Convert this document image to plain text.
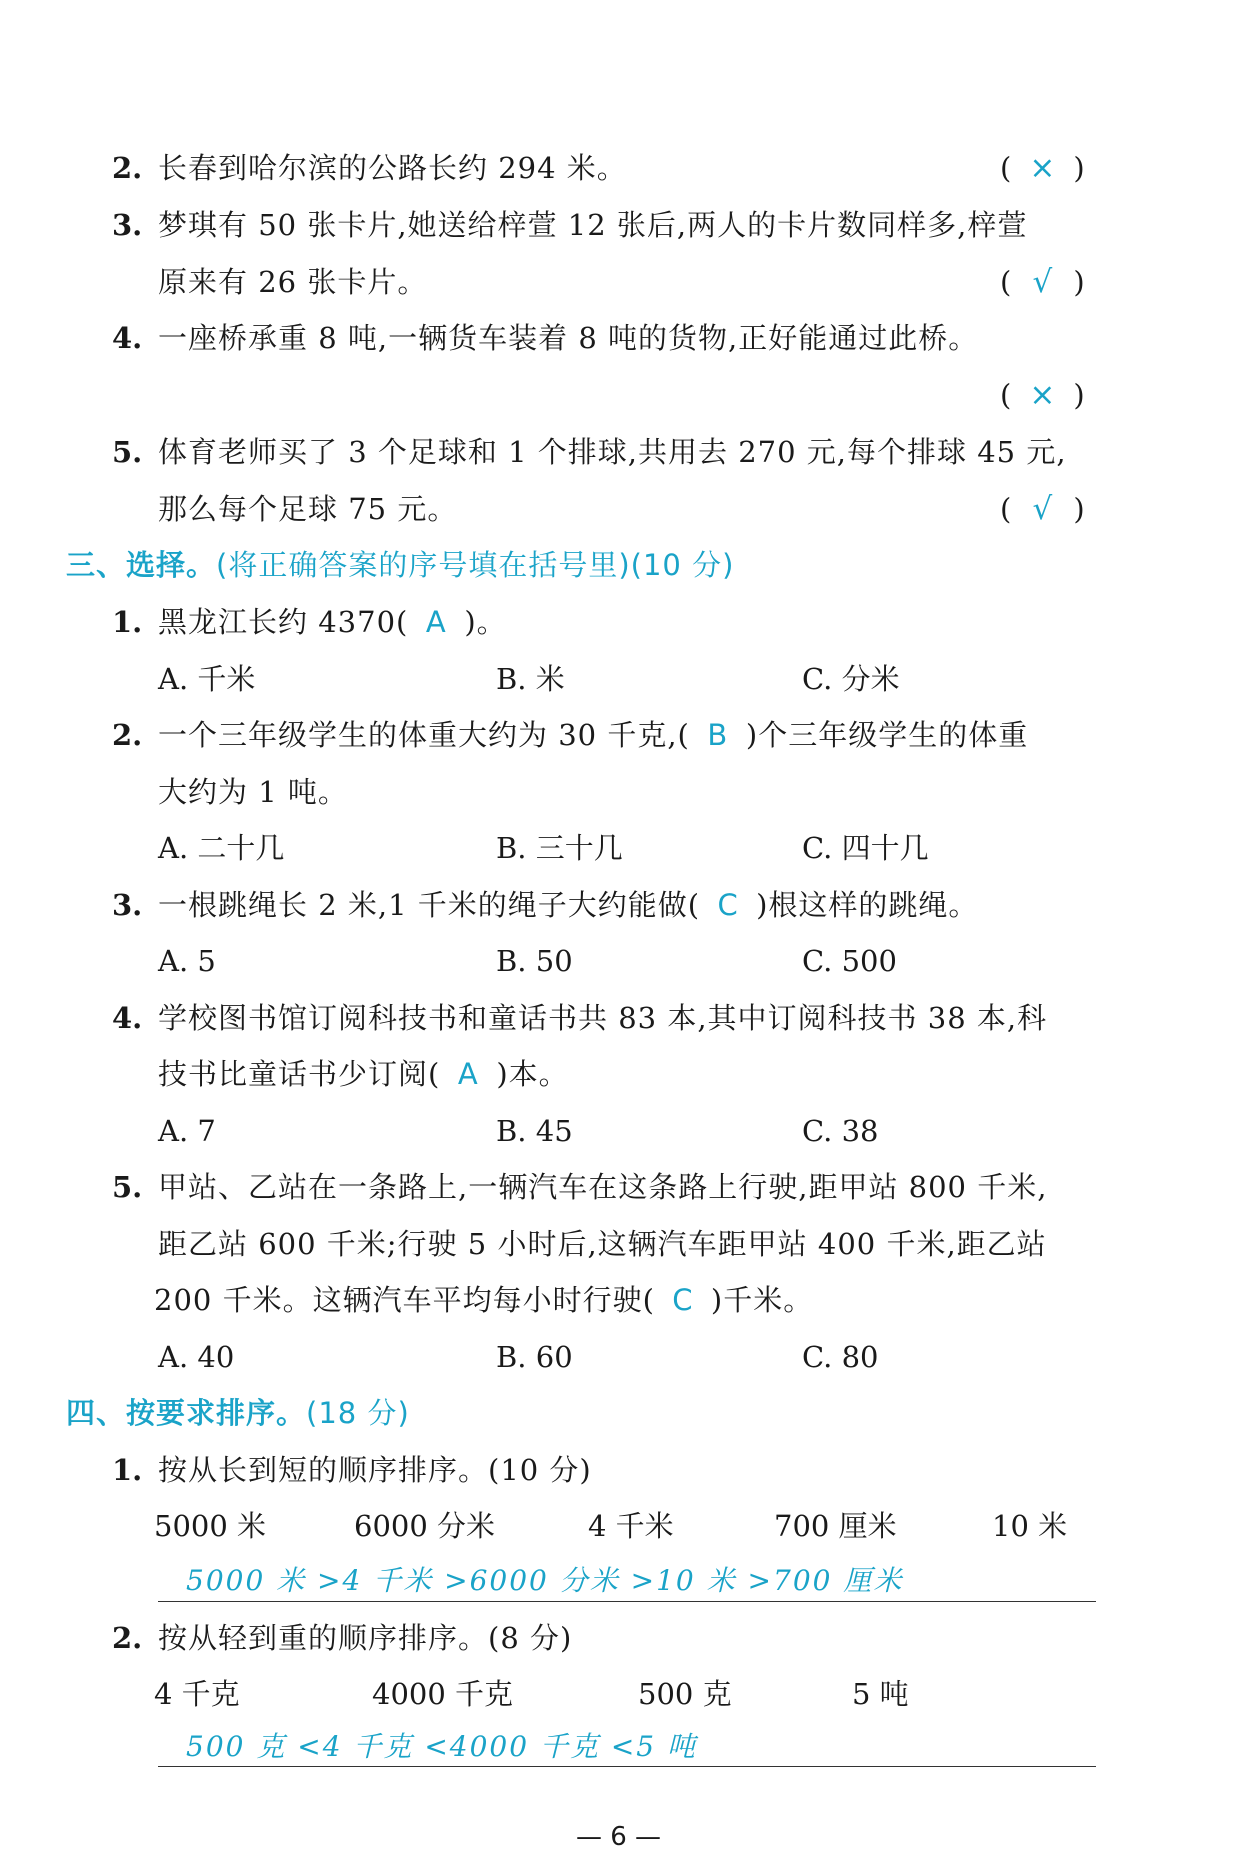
2. 长春到哈尔滨的公路长约 294 米。	( × )
3. 梦琪有 50 张卡片,她送给梓萱 12 张后,两人的卡片数同样多,梓萱
原来有 26 张卡片。	( √ )
4. 一座桥承重 8 吨,一辆货车装着 8 吨的货物,正好能通过此桥。
( × )
5. 体育老师买了 3 个足球和 1 个排球,共用去 270 元,每个排球 45 元,
那么每个足球 75 元。	( √ )
三、选择。(将正确答案的序号填在括号里)(10 分)
1. 黑龙江长约 4370( A )。
A. 千米	B. 米	C. 分米
2. 一个三年级学生的体重大约为 30 千克,( B )个三年级学生的体重
大约为 1 吨。
A. 二十几	B. 三十几	C. 四十几
3. 一根跳绳长 2 米,1 千米的绳子大约能做( C )根这样的跳绳。
A. 5	B. 50	C. 500
4. 学校图书馆订阅科技书和童话书共 83 本,其中订阅科技书 38 本,科
技书比童话书少订阅( A )本。
A. 7	B. 45	C. 38
5. 甲站、乙站在一条路上,一辆汽车在这条路上行驶,距甲站 800 千米,
距乙站 600 千米;行驶 5 小时后,这辆汽车距甲站 400 千米,距乙站
200 千米。这辆汽车平均每小时行驶( C )千米。
A. 40	B. 60	C. 80
四、按要求排序。(18 分)
1. 按从长到短的顺序排序。(10 分)
5000 米	6000 分米	4 千米	700 厘米	10 米
5000 米 >4 千米 >6000 分米 >10 米 >700 厘米
2. 按从轻到重的顺序排序。(8 分)
4 千克	4000 千克	500 克	5 吨
500 克 <4 千克 <4000 千克 <5 吨
— 6 —
